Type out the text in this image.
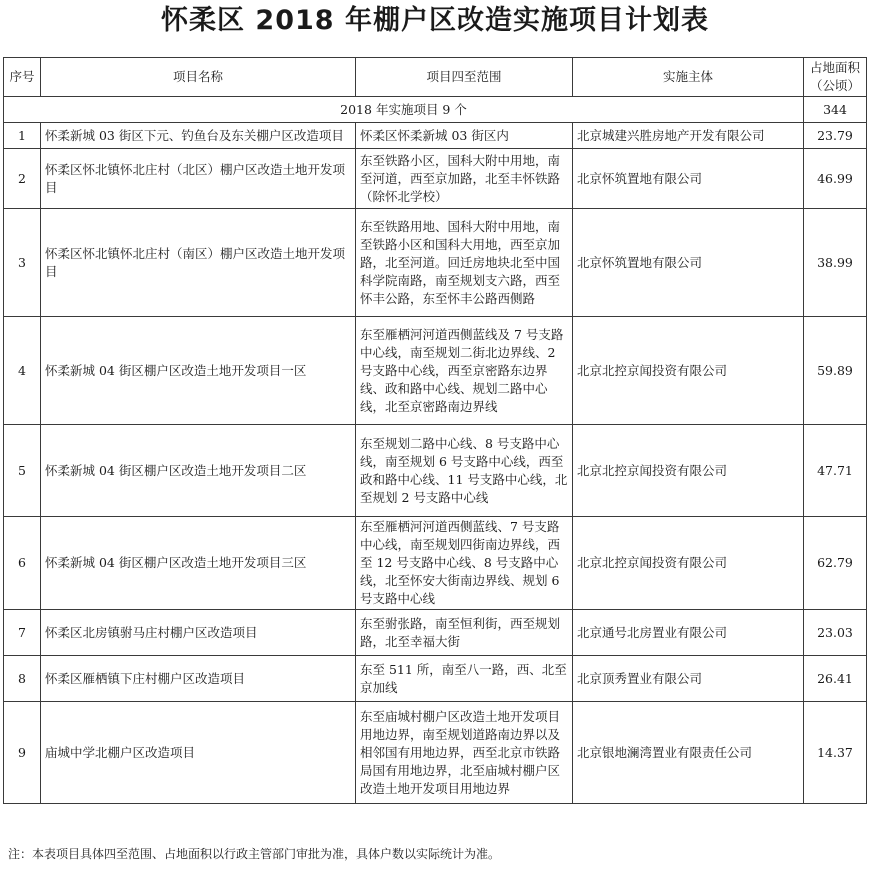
怀柔区 2018 年棚户区改造实施项目计划表
序号	项目名称	项目四至范围	实施主体	占地面积
（公顷）

2018 年实施项目 9 个				344
1	怀柔新城 03 街区下元、钓鱼台及东关棚户区改造项目	怀柔区怀柔新城 03 街区内	北京城建兴胜房地产开发有限公司	23.79
2	怀柔区怀北镇怀北庄村（北区）棚户区改造土地开发项目	东至铁路小区，国科大附中用地，南至河道，西至京加路，北至丰怀铁路（除怀北学校）	北京怀筑置地有限公司	46.99
3	怀柔区怀北镇怀北庄村（南区）棚户区改造土地开发项目	东至铁路用地、国科大附中用地，南至铁路小区和国科大用地，西至京加路，北至河道。回迁房地块北至中国科学院南路，南至规划支六路，西至怀丰公路，东至怀丰公路西侧路	北京怀筑置地有限公司	38.99
4	怀柔新城 04 街区棚户区改造土地开发项目一区	东至雁栖河河道西侧蓝线及 7 号支路中心线，南至规划二街北边界线、2 号支路中心线，西至京密路东边界线、政和路中心线、规划二路中心线，北至京密路南边界线	北京北控京闻投资有限公司	59.89
5	怀柔新城 04 街区棚户区改造土地开发项目二区	东至规划二路中心线、8 号支路中心线，南至规划 6 号支路中心线，西至政和路中心线、11 号支路中心线，北至规划 2 号支路中心线	北京北控京闻投资有限公司	47.71
6	怀柔新城 04 街区棚户区改造土地开发项目三区	东至雁栖河河道西侧蓝线、7 号支路中心线，南至规划四街南边界线，西至 12 号支路中心线、8 号支路中心线，北至怀安大街南边界线、规划 6 号支路中心线	北京北控京闻投资有限公司	62.79
7	怀柔区北房镇驸马庄村棚户区改造项目	东至驸张路，南至恒利街，西至规划路，北至幸福大街	北京通号北房置业有限公司	23.03
8	怀柔区雁栖镇下庄村棚户区改造项目	东至 511 所，南至八一路，西、北至京加线	北京顶秀置业有限公司	26.41
9	庙城中学北棚户区改造项目	东至庙城村棚户区改造土地开发项目用地边界，南至规划道路南边界以及相邻国有用地边界，西至北京市铁路局国有用地边界，北至庙城村棚户区改造土地开发项目用地边界	北京银地澜湾置业有限责任公司	14.37
注：本表项目具体四至范围、占地面积以行政主管部门审批为准，具体户数以实际统计为准。
